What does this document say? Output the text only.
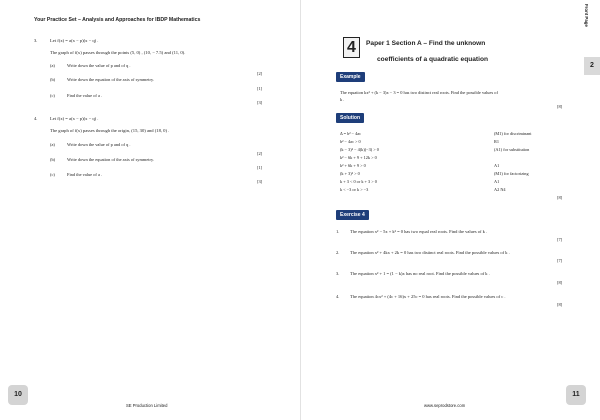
Your Practice Set – Analysis and Approaches for IBDP Mathematics
3.	Let f(x) = a(x − p)(x − q) .
The graph of f(x) passes through the points (5, 0) , (10, − 7.5) and (11, 0).
(a)	Write down the value of p and of q .
[2]
(b)	Write down the equation of the axis of symmetry.
[1]
(c)	Find the value of a .
[3]
4.	Let f(x) = a(x − p)(x − q) .
The graph of f(x) passes through the origin, (15, 30) and (18, 0) .
(a)	Write down the value of p and of q .
[2]
(b)	Write down the equation of the axis of symmetry.
[1]
(c)	Find the value of a .
[3]
10
SE Production Limited
Front Page
2
4	Paper 1 Section A – Find the unknown
coefficients of a quadratic equation
Example
The equation kx² + (k − 3)x − 3 = 0 has two distinct real roots. Find the possible values of
k .
[8]
Solution
Δ = b² − 4ac	(M1) for discriminant
b² − 4ac > 0	R1
(k − 3)² − 4(k)(−3) > 0	(A1) for substitution
k² − 6k + 9 + 12k > 0
k² + 6k + 9 > 0	A1
(k + 3)² > 0	(M1) for factorizing
k + 3 < 0 or k + 3 > 0	A1
k < −3 or k > −3	A2 N4
[8]
Exercise 4
1. The equation x² − 5x + k² = 0 has two equal real roots. Find the values of k .
[7]
2. The equation x² + 4kx + 2k = 0 has two distinct real roots. Find the possible values of k .
[7]
3. The equation x² + 1 = (1 − k)x has no real root. Find the possible values of k .
[8]
4. The equation 4cx² + (4c + 16)x + 25c = 0 has real roots. Find the possible values of c .
[8]
11
www.seprodstore.com
